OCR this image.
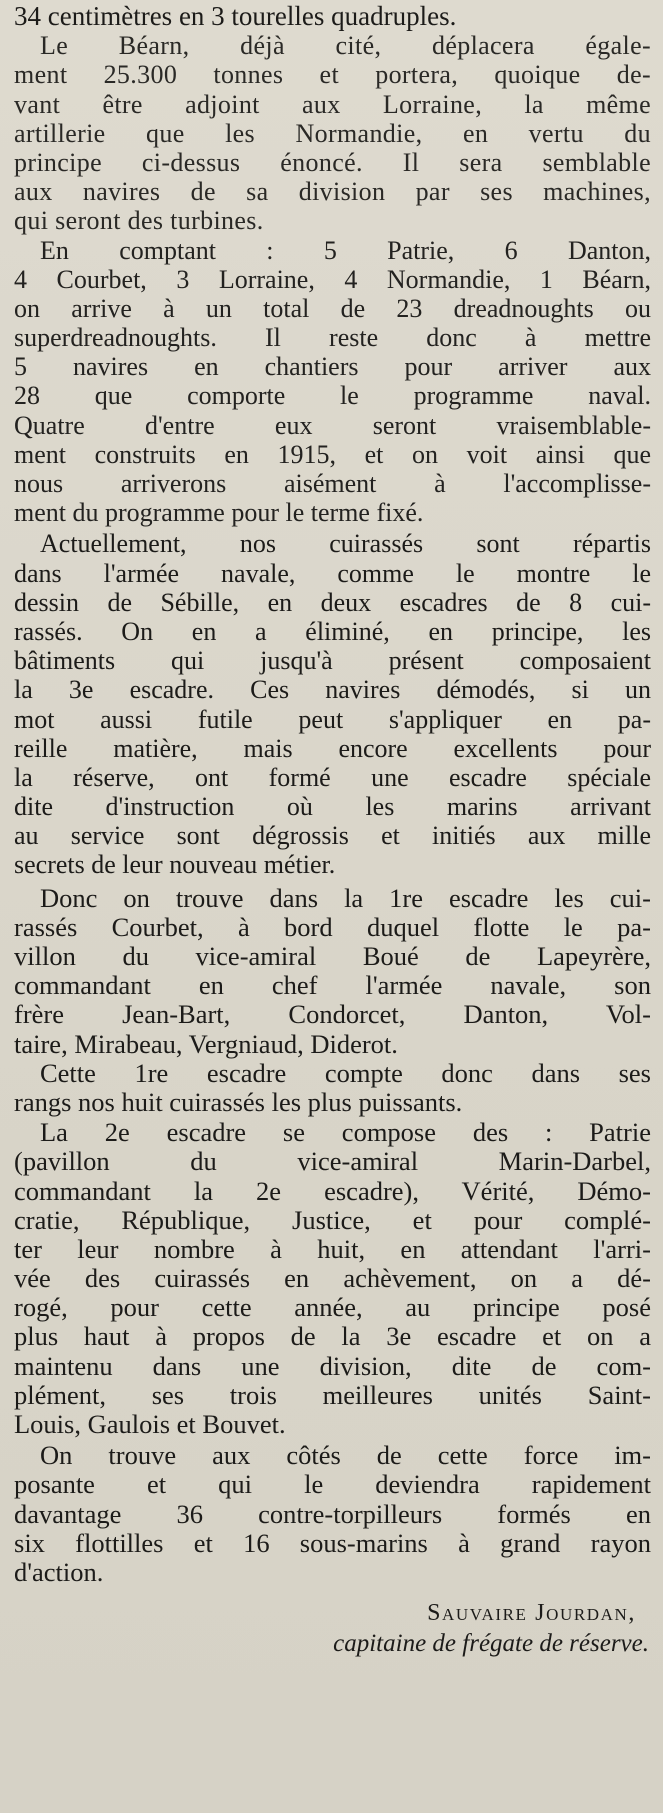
34 centimètres en 3 tourelles quadruples.

Le Béarn, déjà cité, déplacera égale-
ment 25.300 tonnes et portera, quoique de-
vant être adjoint aux Lorraine, la même
artillerie que les Normandie, en vertu du
principe ci-dessus énoncé. Il sera semblable
aux navires de sa division par ses machines,
qui seront des turbines.

En comptant : 5 Patrie, 6 Danton,
4 Courbet, 3 Lorraine, 4 Normandie, 1 Béarn,
on arrive à un total de 23 dreadnoughts ou
superdreadnoughts. Il reste donc à mettre
5 navires en chantiers pour arriver aux
28 que comporte le programme naval.
Quatre d'entre eux seront vraisemblable-
ment construits en 1915, et on voit ainsi que
nous arriverons aisément à l'accomplisse-
ment du programme pour le terme fixé.

Actuellement, nos cuirassés sont répartis
dans l'armée navale, comme le montre le
dessin de Sébille, en deux escadres de 8 cui-
rassés. On en a éliminé, en principe, les
bâtiments qui jusqu'à présent composaient
la 3e escadre. Ces navires démodés, si un
mot aussi futile peut s'appliquer en pa-
reille matière, mais encore excellents pour
la réserve, ont formé une escadre spéciale
dite d'instruction où les marins arrivant
au service sont dégrossis et initiés aux mille
secrets de leur nouveau métier.

Donc on trouve dans la 1re escadre les cui-
rassés Courbet, à bord duquel flotte le pa-
villon du vice-amiral Boué de Lapeyrère,
commandant en chef l'armée navale, son
frère Jean-Bart, Condorcet, Danton, Vol-
taire, Mirabeau, Vergniaud, Diderot.

Cette 1re escadre compte donc dans ses
rangs nos huit cuirassés les plus puissants.

La 2e escadre se compose des : Patrie
(pavillon du vice-amiral Marin-Darbel,
commandant la 2e escadre), Vérité, Démo-
cratie, République, Justice, et pour complé-
ter leur nombre à huit, en attendant l'arri-
vée des cuirassés en achèvement, on a dé-
rogé, pour cette année, au principe posé
plus haut à propos de la 3e escadre et on a
maintenu dans une division, dite de com-
plément, ses trois meilleures unités Saint-
Louis, Gaulois et Bouvet.

On trouve aux côtés de cette force im-
posante et qui le deviendra rapidement
davantage 36 contre-torpilleurs formés en
six flottilles et 16 sous-marins à grand rayon
d'action.

Sauvaire Jourdan,
capitaine de frégate de réserve.
